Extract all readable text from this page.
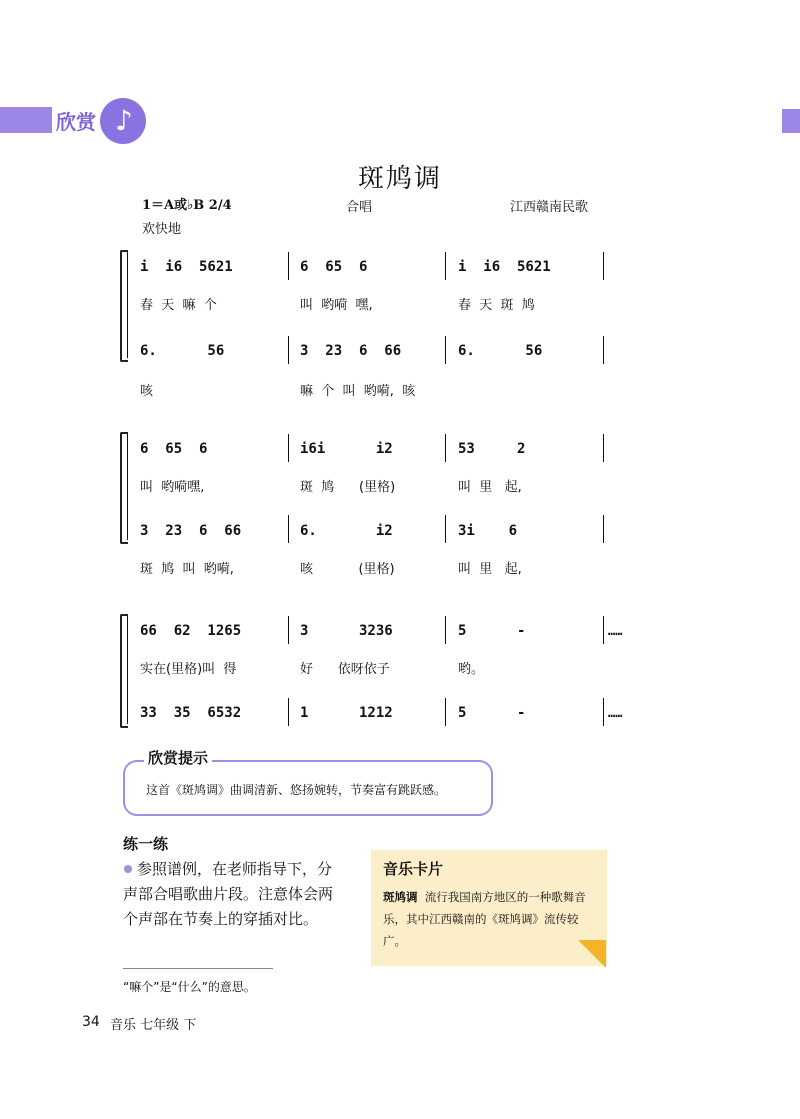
欣赏 ♪
斑鸠调
1＝A或♭B 2/4	合唱	江西赣南民歌
欢快地
i  i6  5621	6  65  6	i  i6  5621
春  天  嘛  个	叫  哟嗬  嘿,	春  天  斑  鸠
6.      56	3  23  6  66	6.      56
咳	嘛  个  叫  哟嗬,  咳
6  65  6	i6i      i2	53     2
叫  哟嗬嘿,	斑  鸠      (里格)	叫  里   起,
3  23  6  66	6.       i2	3i    6
斑  鸠  叫  哟嗬,	咳           (里格)	叫  里   起,
66  62  1265	3      3236	5      -	……
实在(里格)叫  得	好      依呀依子	哟。
33  35  6532	1      1212	5      -	……
欣赏提示
这首《斑鸠调》曲调清新、悠扬婉转，节奏富有跳跃感。
练一练
参照谱例，在老师指导下，分声部合唱歌曲片段。注意体会两个声部在节奏上的穿插对比。
音乐卡片
斑鸠调 流行我国南方地区的一种歌舞音乐，其中江西赣南的《斑鸠调》流传较广。
“嘛个”是“什么”的意思。
34 音乐 七年级 下
